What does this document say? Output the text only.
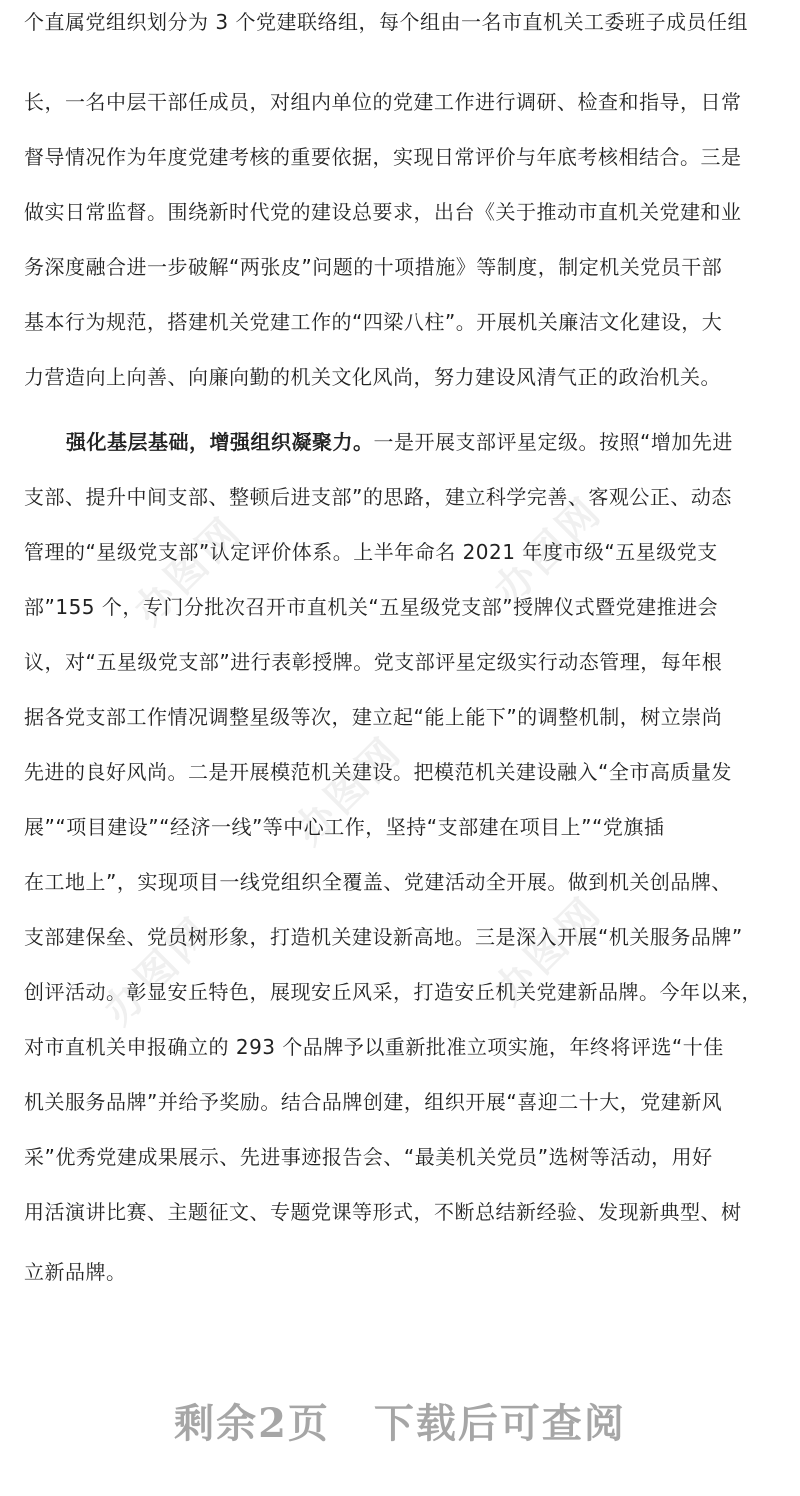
办图网	办图网
办图网
办图网	办图网
个直属党组织划分为 3 个党建联络组，每个组由一名市直机关工委班子成员任组
长，一名中层干部任成员，对组内单位的党建工作进行调研、检查和指导，日常
督导情况作为年度党建考核的重要依据，实现日常评价与年底考核相结合。三是
做实日常监督。围绕新时代党的建设总要求，出台《关于推动市直机关党建和业
务深度融合进一步破解“两张皮”问题的十项措施》等制度，制定机关党员干部
基本行为规范，搭建机关党建工作的“四梁八柱”。开展机关廉洁文化建设，大
力营造向上向善、向廉向勤的机关文化风尚，努力建设风清气正的政治机关。
强化基层基础，增强组织凝聚力。一是开展支部评星定级。按照“增加先进
支部、提升中间支部、整顿后进支部”的思路，建立科学完善、客观公正、动态
管理的“星级党支部”认定评价体系。上半年命名 2021 年度市级“五星级党支
部”155 个，专门分批次召开市直机关“五星级党支部”授牌仪式暨党建推进会
议，对“五星级党支部”进行表彰授牌。党支部评星定级实行动态管理，每年根
据各党支部工作情况调整星级等次，建立起“能上能下”的调整机制，树立崇尚
先进的良好风尚。二是开展模范机关建设。把模范机关建设融入“全市高质量发
展”“项目建设”“经济一线”等中心工作，坚持“支部建在项目上”“党旗插
在工地上”，实现项目一线党组织全覆盖、党建活动全开展。做到机关创品牌、
支部建保垒、党员树形象，打造机关建设新高地。三是深入开展“机关服务品牌”
创评活动。彰显安丘特色，展现安丘风采，打造安丘机关党建新品牌。今年以来，
对市直机关申报确立的 293 个品牌予以重新批准立项实施，年终将评选“十佳
机关服务品牌”并给予奖励。结合品牌创建，组织开展“喜迎二十大，党建新风
采”优秀党建成果展示、先进事迹报告会、“最美机关党员”选树等活动，用好
用活演讲比赛、主题征文、专题党课等形式，不断总结新经验、发现新典型、树
立新品牌。
剩余2页 下载后可查阅
